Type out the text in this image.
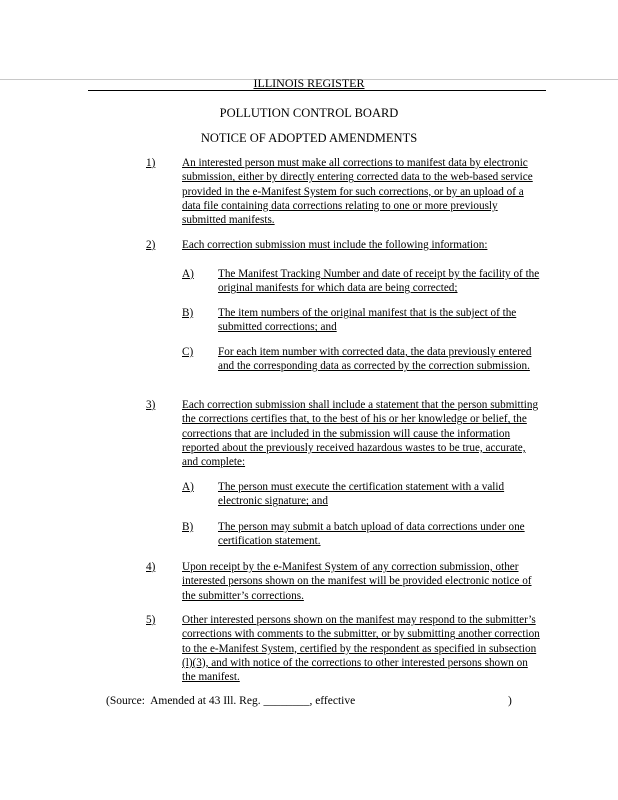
ILLINOIS REGISTER
POLLUTION CONTROL BOARD
NOTICE OF ADOPTED AMENDMENTS
1) An interested person must make all corrections to manifest data by electronic submission, either by directly entering corrected data to the web-based service provided in the e-Manifest System for such corrections, or by an upload of a data file containing data corrections relating to one or more previously submitted manifests.
2) Each correction submission must include the following information:
A) The Manifest Tracking Number and date of receipt by the facility of the original manifests for which data are being corrected;
B) The item numbers of the original manifest that is the subject of the submitted corrections; and
C) For each item number with corrected data, the data previously entered and the corresponding data as corrected by the correction submission.
3) Each correction submission shall include a statement that the person submitting the corrections certifies that, to the best of his or her knowledge or belief, the corrections that are included in the submission will cause the information reported about the previously received hazardous wastes to be true, accurate, and complete:
A) The person must execute the certification statement with a valid electronic signature; and
B) The person may submit a batch upload of data corrections under one certification statement.
4) Upon receipt by the e-Manifest System of any correction submission, other interested persons shown on the manifest will be provided electronic notice of the submitter’s corrections.
5) Other interested persons shown on the manifest may respond to the submitter’s corrections with comments to the submitter, or by submitting another correction to the e-Manifest System, certified by the respondent as specified in subsection (l)(3), and with notice of the corrections to other interested persons shown on the manifest.
(Source:  Amended at 43 Ill. Reg. ________, effective	)
